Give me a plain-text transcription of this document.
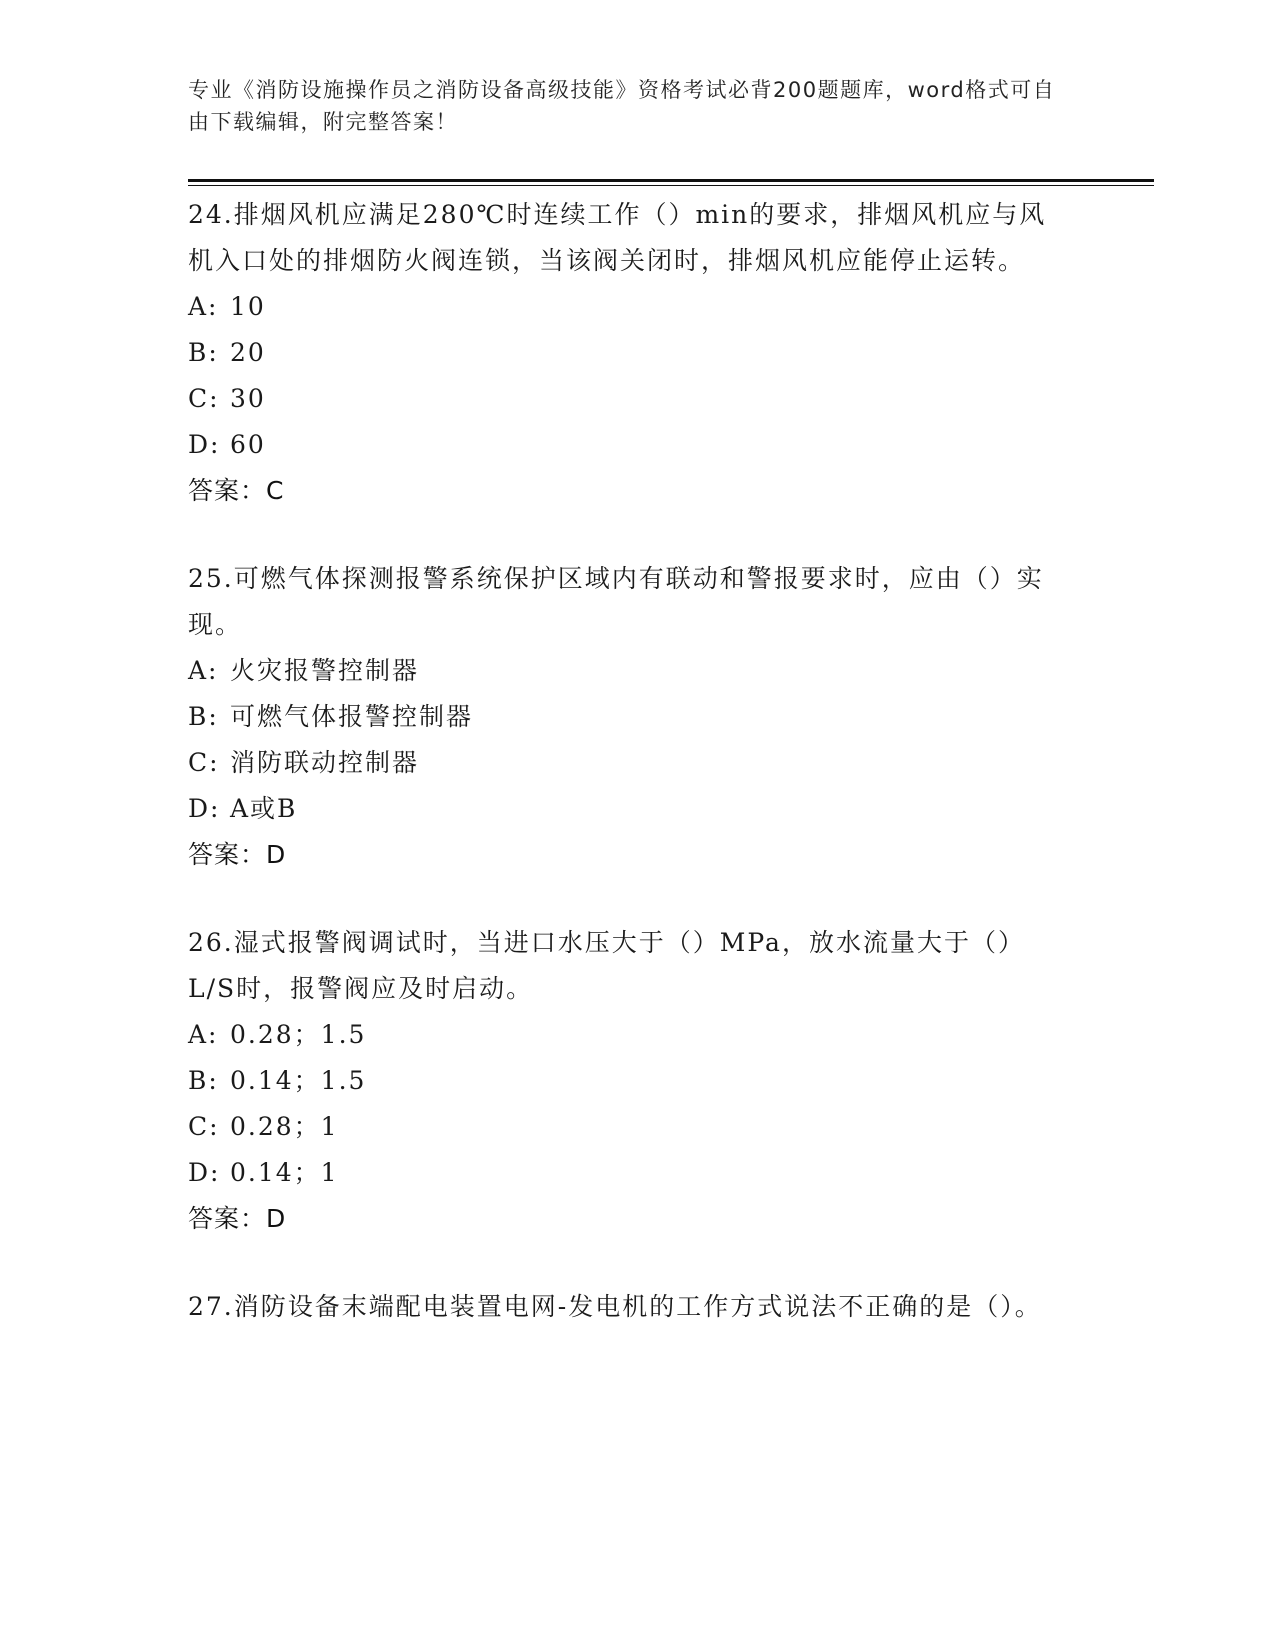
专业《消防设施操作员之消防设备高级技能》资格考试必背200题题库，word格式可自由下载编辑，附完整答案！
24.排烟风机应满足280℃时连续工作（）min的要求，排烟风机应与风机入口处的排烟防火阀连锁，当该阀关闭时，排烟风机应能停止运转。
A: 10
B: 20
C: 30
D: 60
答案：C
25.可燃气体探测报警系统保护区域内有联动和警报要求时，应由（）实现。
A: 火灾报警控制器
B: 可燃气体报警控制器
C: 消防联动控制器
D: A或B
答案：D
26.湿式报警阀调试时，当进口水压大于（）MPa，放水流量大于（）L/S时，报警阀应及时启动。
A: 0.28；1.5
B: 0.14；1.5
C: 0.28；1
D: 0.14；1
答案：D
27.消防设备末端配电装置电网-发电机的工作方式说法不正确的是（）。
